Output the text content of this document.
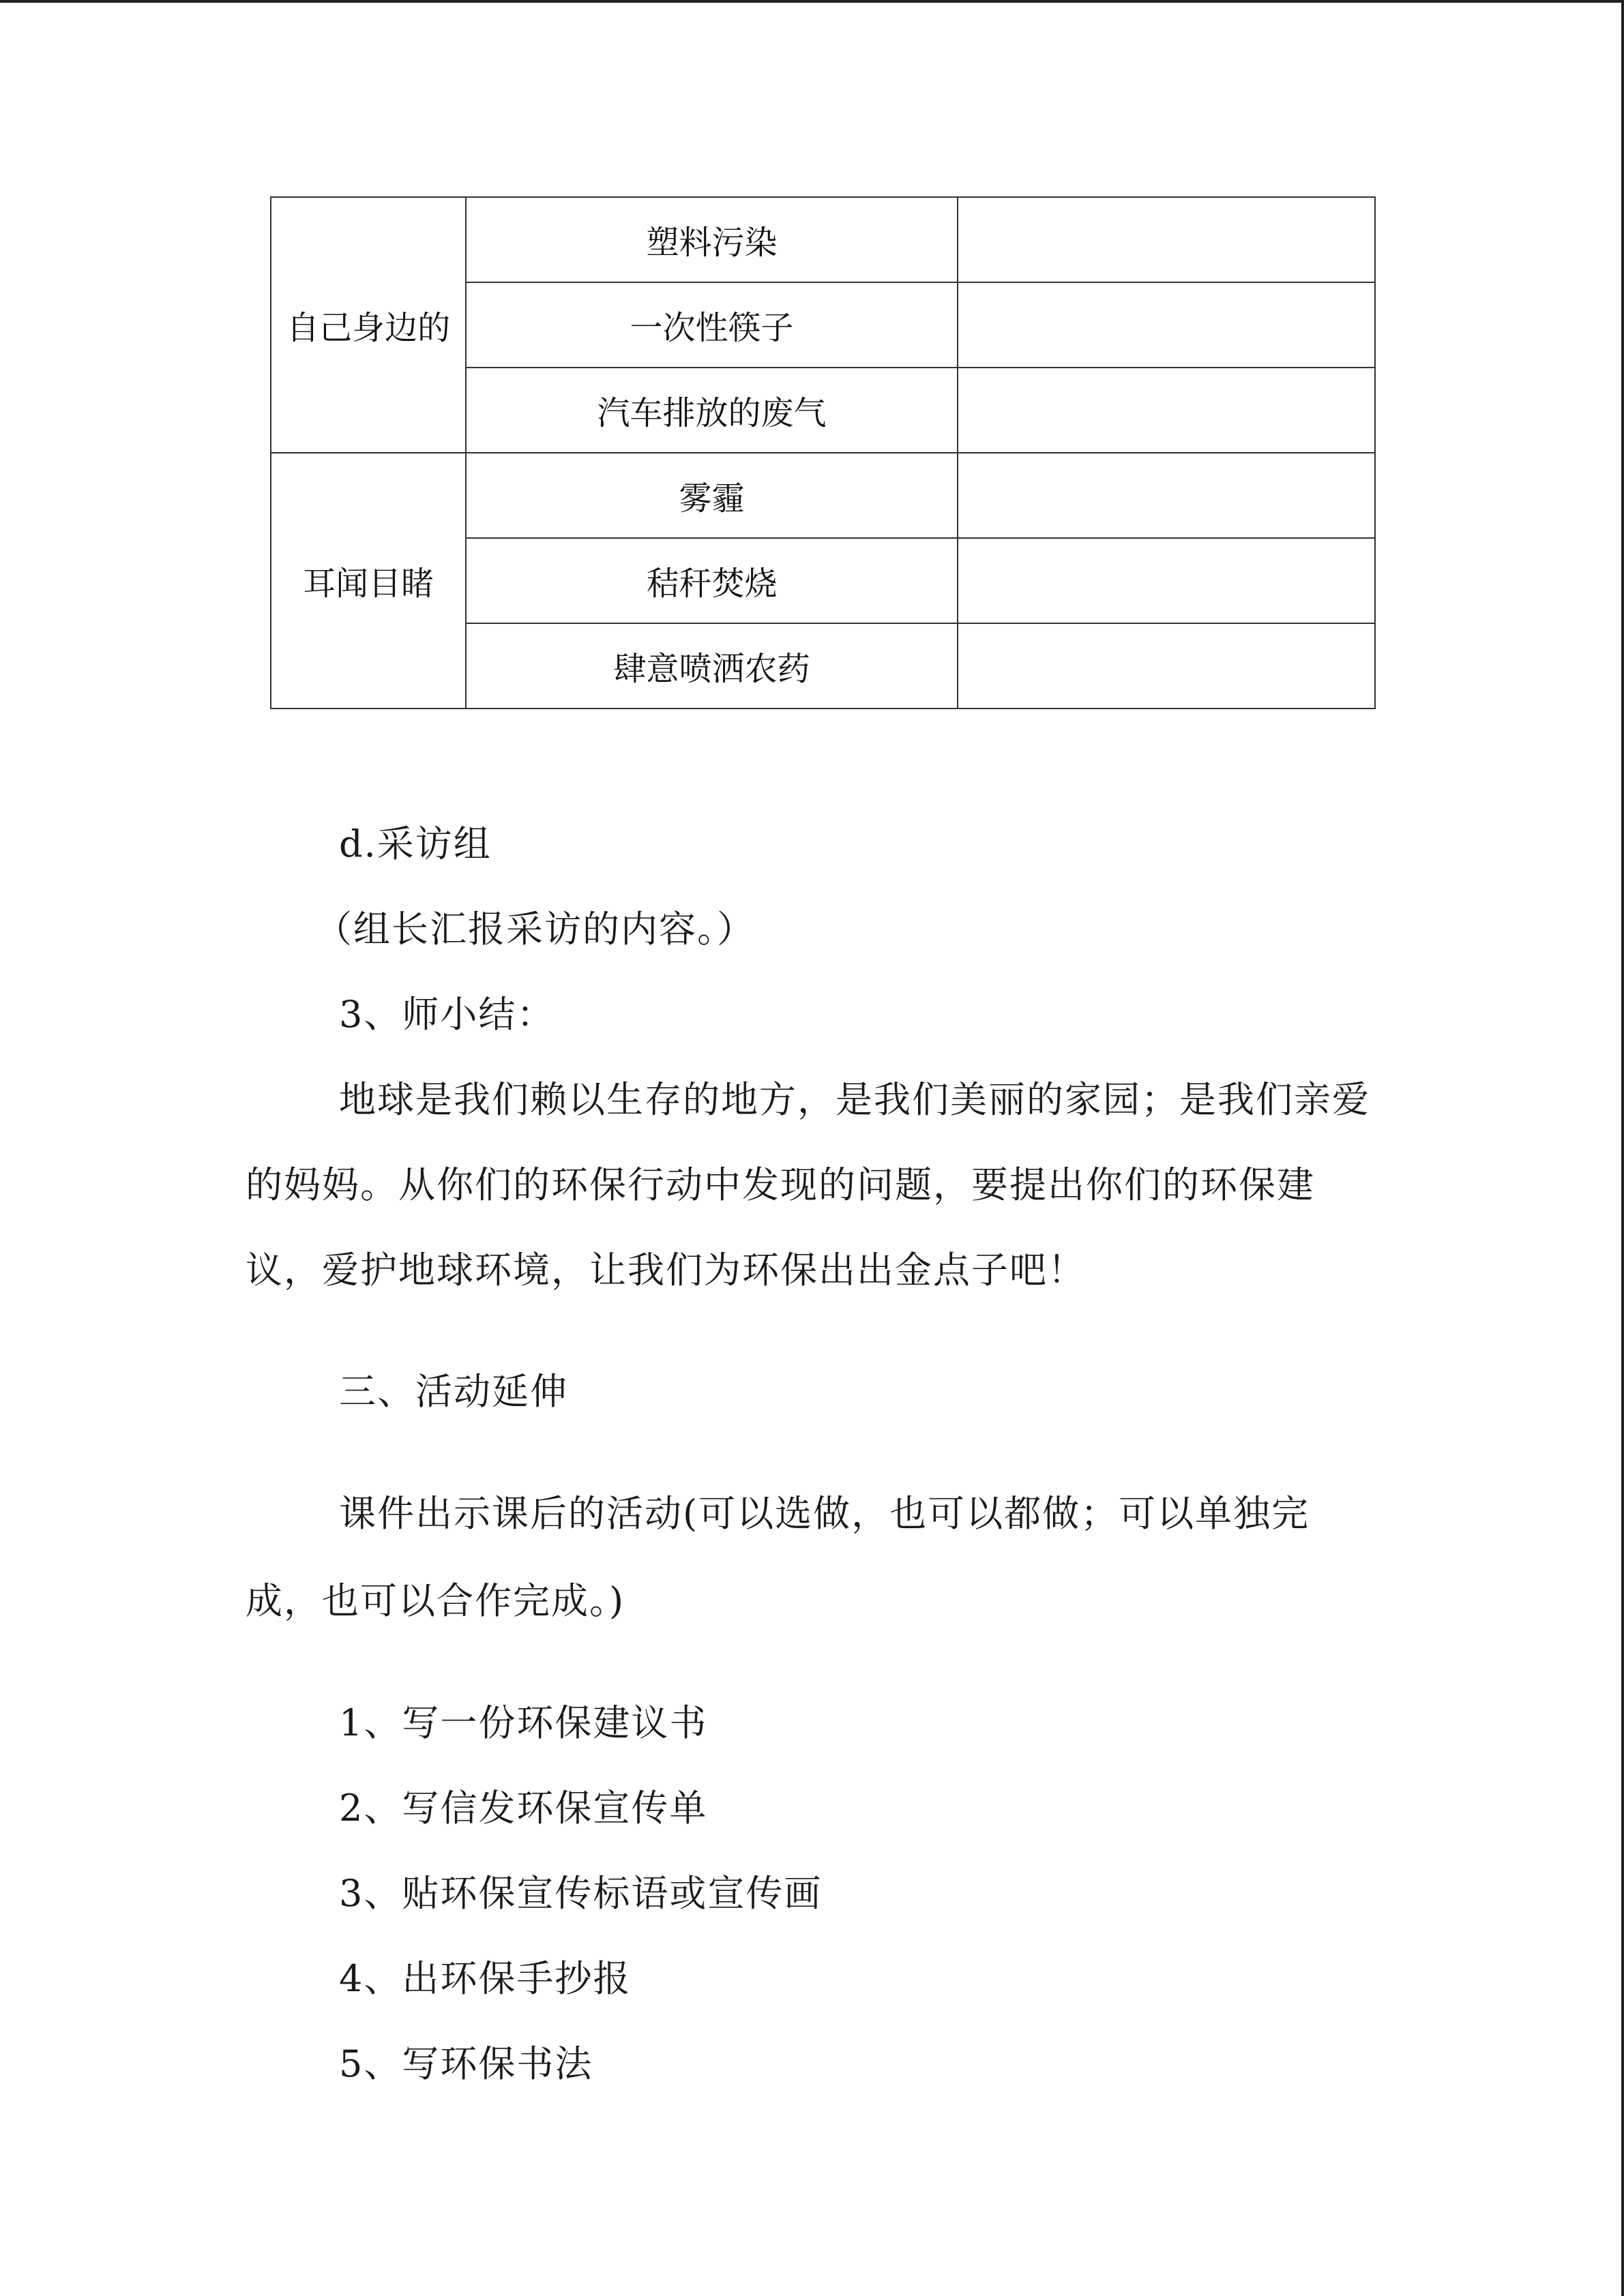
自己身边的	塑料污染	
	一次性筷子	
	汽车排放的废气	
耳闻目睹	雾霾	
	秸秆焚烧	
	肆意喷洒农药	
d.采访组
（组长汇报采访的内容。）
3、师小结：
地球是我们赖以生存的地方，是我们美丽的家园；是我们亲爱
的妈妈。从你们的环保行动中发现的问题，要提出你们的环保建
议，爱护地球环境，让我们为环保出出金点子吧！
三、活动延伸
课件出示课后的活动(可以选做，也可以都做；可以单独完
成，也可以合作完成。)
1、写一份环保建议书
2、写信发环保宣传单
3、贴环保宣传标语或宣传画
4、出环保手抄报
5、写环保书法
